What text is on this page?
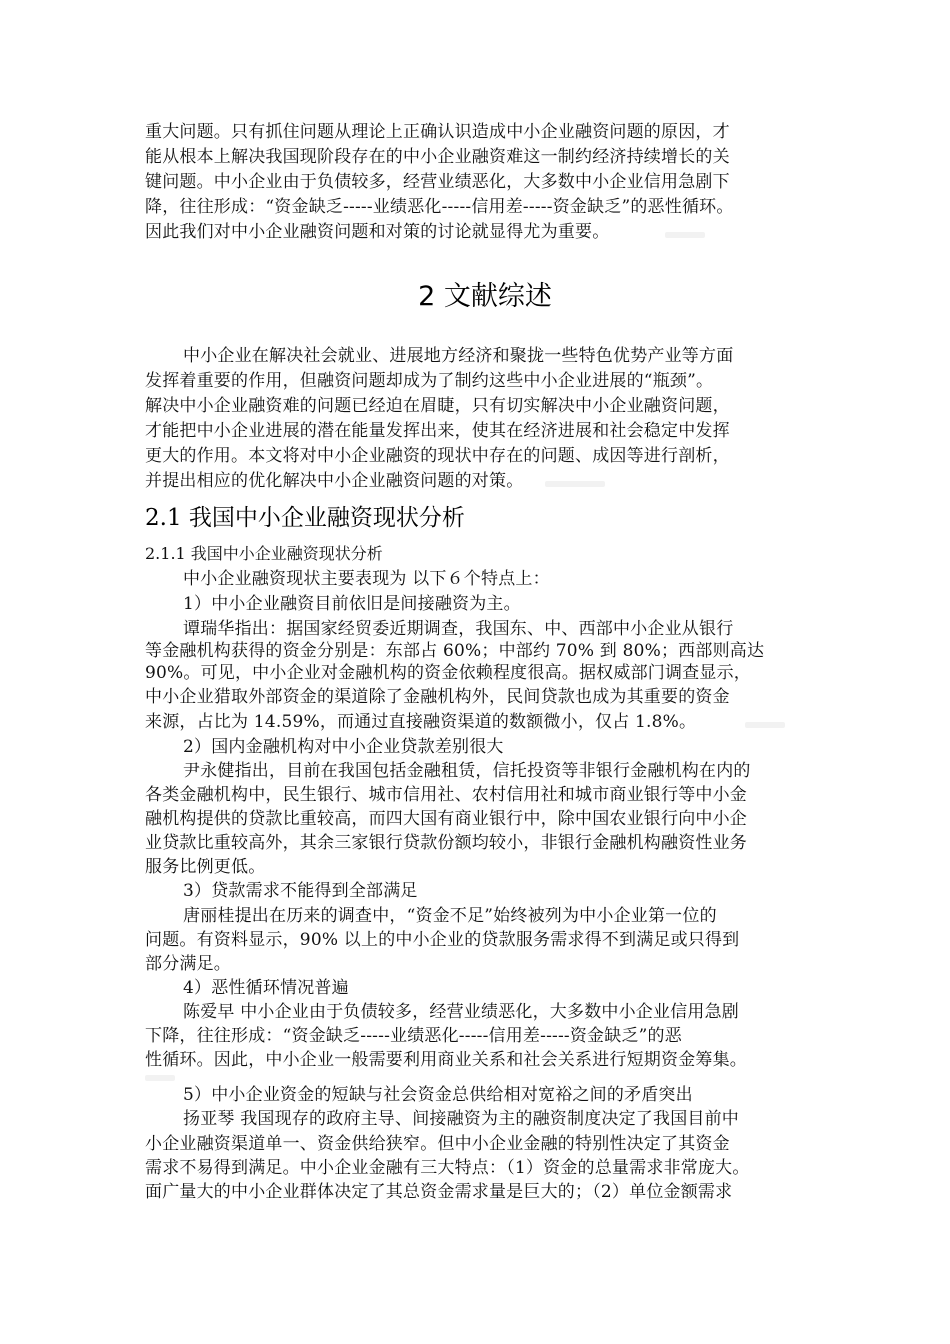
重大问题。只有抓住问题从理论上正确认识造成中小企业融资问题的原因，才
能从根本上解决我国现阶段存在的中小企业融资难这一制约经济持续增长的关
键问题。中小企业由于负债较多，经营业绩恶化，大多数中小企业信用急剧下
降，往往形成：“资金缺乏-----业绩恶化-----信用差-----资金缺乏”的恶性循环。
因此我们对中小企业融资问题和对策的讨论就显得尤为重要。
2 文献综述
中小企业在解决社会就业、进展地方经济和聚拢一些特色优势产业等方面
发挥着重要的作用，但融资问题却成为了制约这些中小企业进展的“瓶颈”。
解决中小企业融资难的问题已经迫在眉睫，只有切实解决中小企业融资问题，
才能把中小企业进展的潜在能量发挥出来，使其在经济进展和社会稳定中发挥
更大的作用。本文将对中小企业融资的现状中存在的问题、成因等进行剖析，
并提出相应的优化解决中小企业融资问题的对策。
2.1 我国中小企业融资现状分析
2.1.1 我国中小企业融资现状分析
中小企业融资现状主要表现为 以下６个特点上：
1）中小企业融资目前依旧是间接融资为主。
谭瑞华指出：据国家经贸委近期调查，我国东、中、西部中小企业从银行
等金融机构获得的资金分别是：东部占 60%；中部约 70% 到 80%；西部则高达
90%。可见，中小企业对金融机构的资金依赖程度很高。据权威部门调查显示，
中小企业猎取外部资金的渠道除了金融机构外，民间贷款也成为其重要的资金
来源，占比为 14.59%，而通过直接融资渠道的数额微小，仅占 1.8%。
2）国内金融机构对中小企业贷款差别很大
尹永健指出，目前在我国包括金融租赁，信托投资等非银行金融机构在内的
各类金融机构中，民生银行、城市信用社、农村信用社和城市商业银行等中小金
融机构提供的贷款比重较高，而四大国有商业银行中，除中国农业银行向中小企
业贷款比重较高外，其余三家银行贷款份额均较小，非银行金融机构融资性业务
服务比例更低。
3）贷款需求不能得到全部满足
唐丽桂提出在历来的调查中，“资金不足”始终被列为中小企业第一位的
问题。有资料显示，90% 以上的中小企业的贷款服务需求得不到满足或只得到
部分满足。
4）恶性循环情况普遍
陈爱早 中小企业由于负债较多，经营业绩恶化，大多数中小企业信用急剧
下降，往往形成：“资金缺乏-----业绩恶化-----信用差-----资金缺乏”的恶
性循环。因此，中小企业一般需要利用商业关系和社会关系进行短期资金筹集。
5）中小企业资金的短缺与社会资金总供给相对宽裕之间的矛盾突出
扬亚琴 我国现存的政府主导、间接融资为主的融资制度决定了我国目前中
小企业融资渠道单一、资金供给狭窄。但中小企业金融的特别性决定了其资金
需求不易得到满足。中小企业金融有三大特点：（1）资金的总量需求非常庞大。
面广量大的中小企业群体决定了其总资金需求量是巨大的；（2）单位金额需求
